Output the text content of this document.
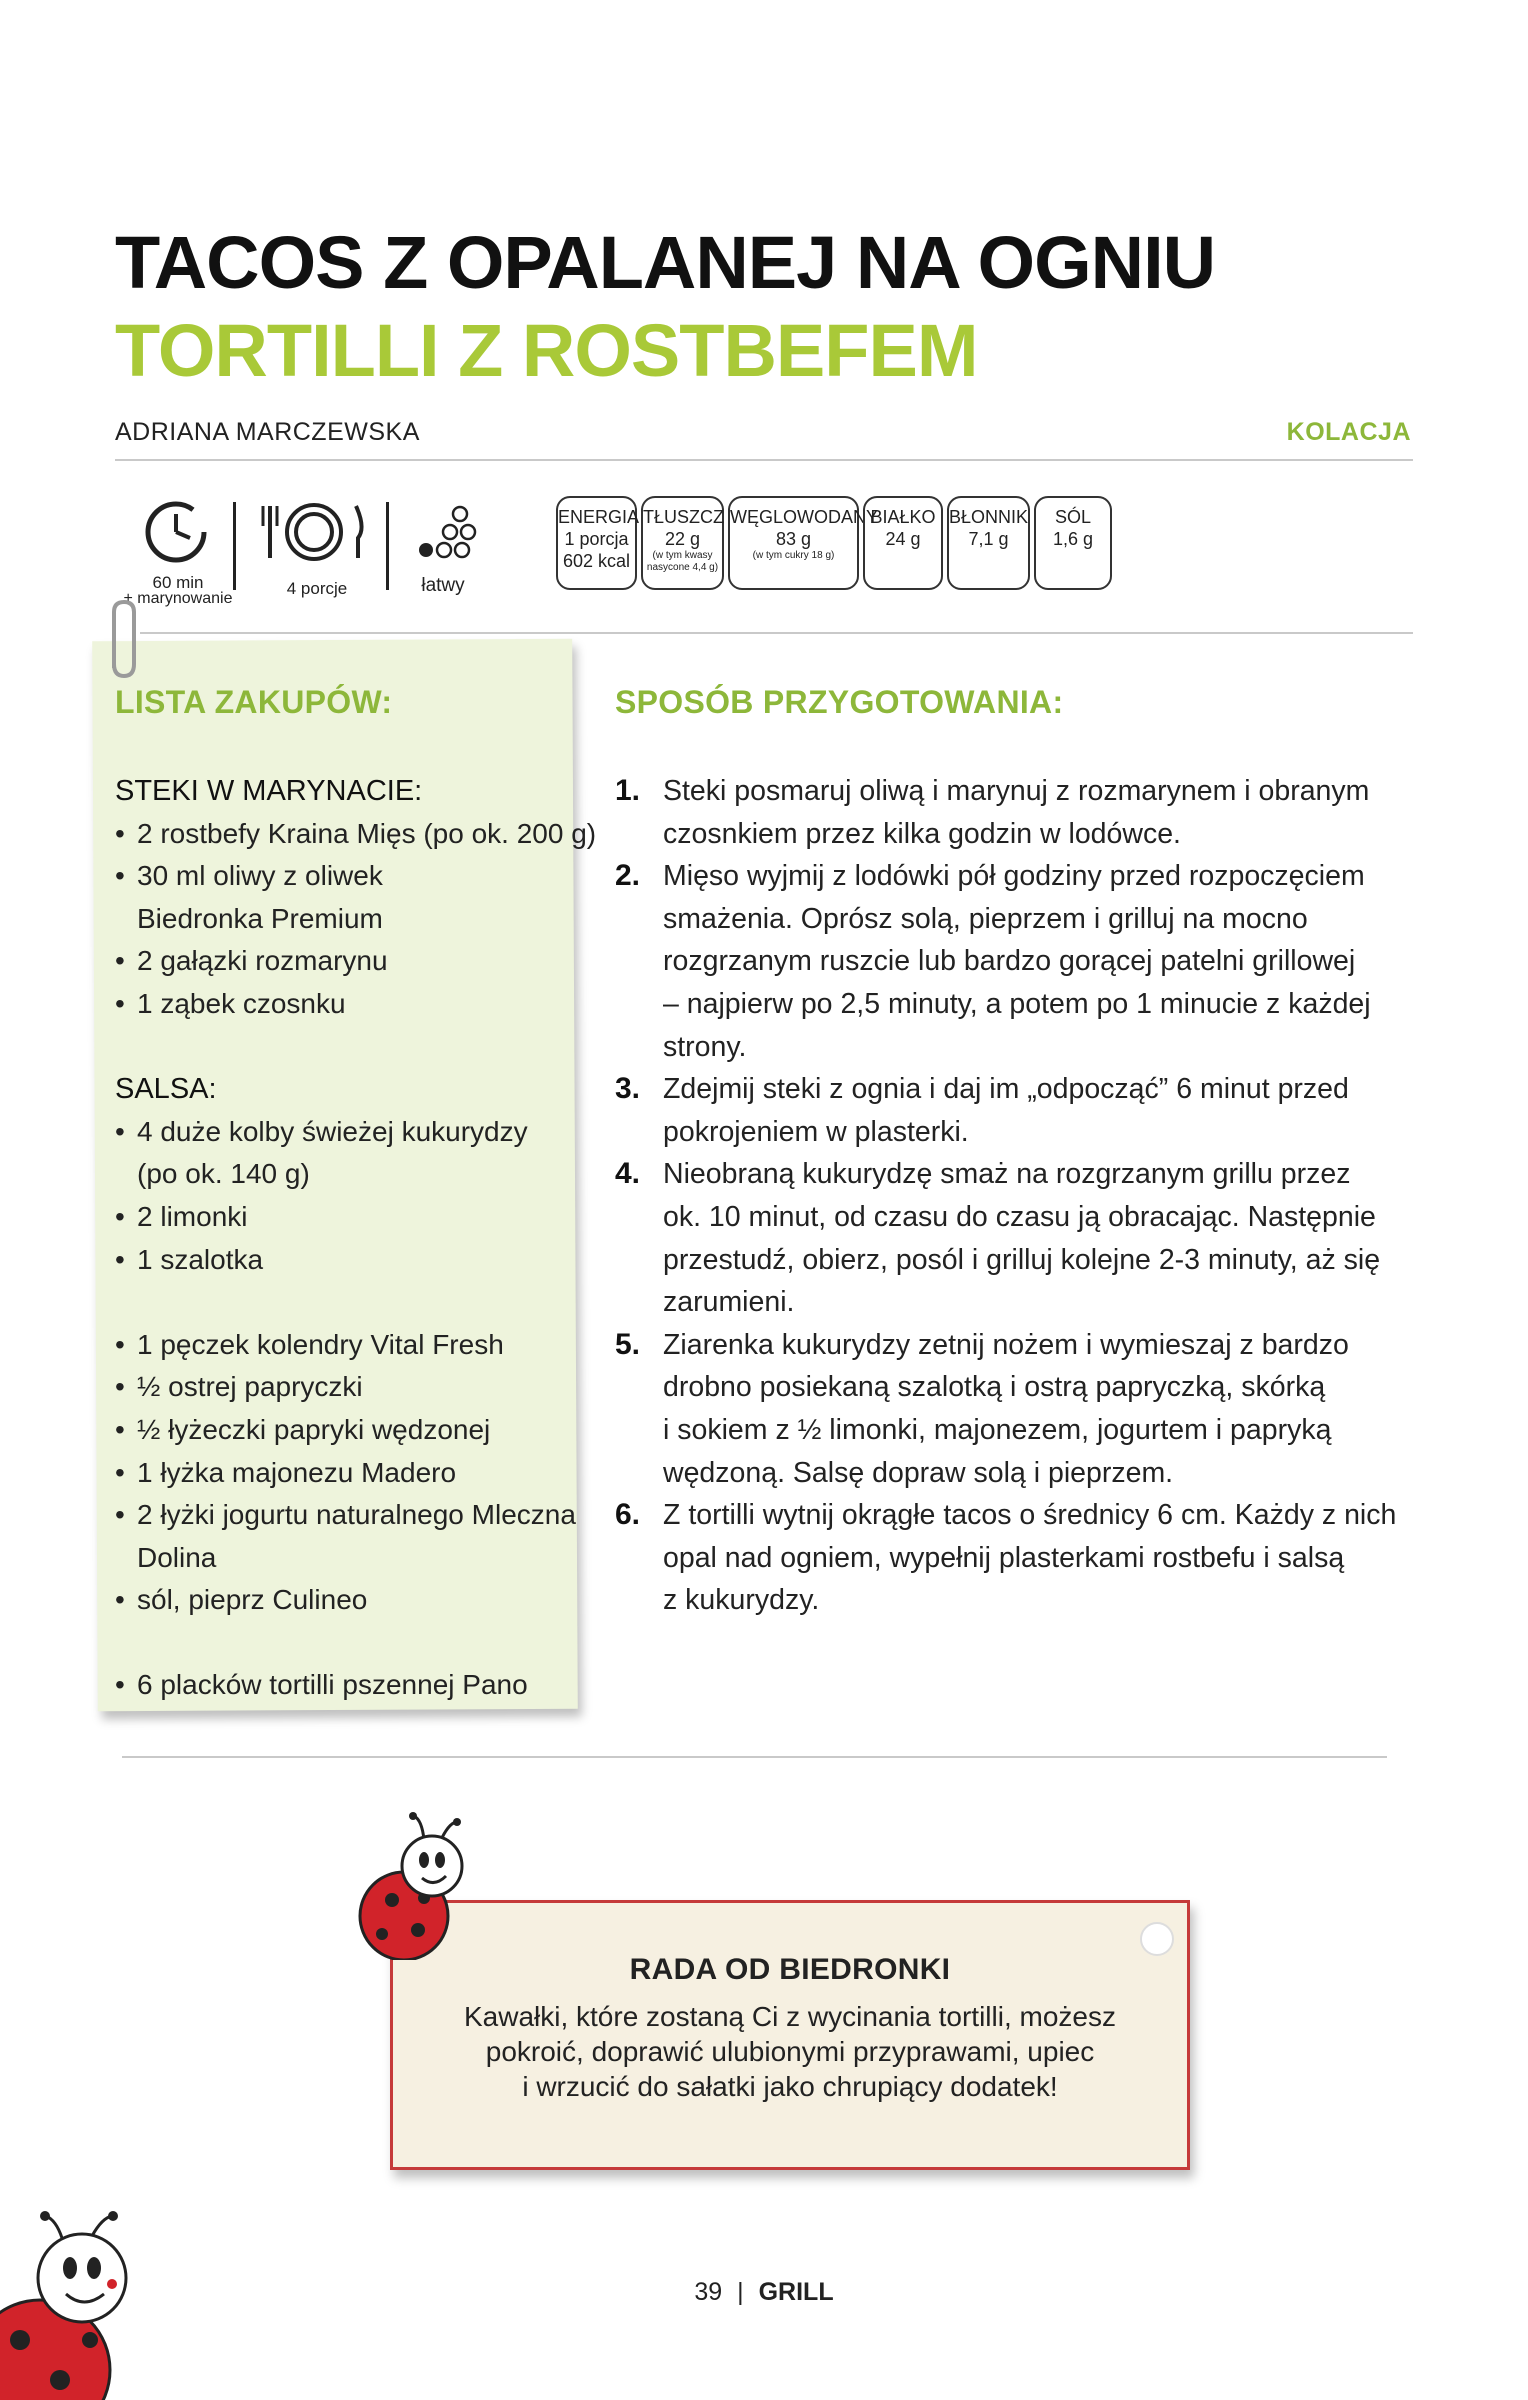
TACOS Z OPALANEJ NA OGNIU
TORTILLI Z ROSTBEFEM
ADRIANA MARCZEWSKA	KOLACJA
60 min
+ marynowanie
4 porcje	łatwy
ENERGIA
1 porcja
602 kcal
TŁUSZCZ
22 g
(w tym kwasy nasycone 4,4 g)
WĘGLOWODANY
83 g
(w tym cukry 18 g)
BIAŁKO
24 g
BŁONNIK
7,1 g
SÓL
1,6 g
LISTA ZAKUPÓW:
STEKI W MARYNACIE:
• 2 rostbefy Kraina Mięs (po ok. 200 g)
• 30 ml oliwy z oliwek
Biedronka Premium
• 2 gałązki rozmarynu
• 1 ząbek czosnku
SALSA:
• 4 duże kolby świeżej kukurydzy
(po ok. 140 g)
• 2 limonki
• 1 szalotka
• 1 pęczek kolendry Vital Fresh
• ½ ostrej papryczki
• ½ łyżeczki papryki wędzonej
• 1 łyżka majonezu Madero
• 2 łyżki jogurtu naturalnego Mleczna
Dolina
• sól, pieprz Culineo
• 6 placków tortilli pszennej Pano
SPOSÓB PRZYGOTOWANIA:
1. Steki posmaruj oliwą i marynuj z rozmarynem i obranym
czosnkiem przez kilka godzin w lodówce.
2. Mięso wyjmij z lodówki pół godziny przed rozpoczęciem
smażenia. Oprósz solą, pieprzem i grilluj na mocno
rozgrzanym ruszcie lub bardzo gorącej patelni grillowej
– najpierw po 2,5 minuty, a potem po 1 minucie z każdej
strony.
3. Zdejmij steki z ognia i daj im „odpocząć” 6 minut przed
pokrojeniem w plasterki.
4. Nieobraną kukurydzę smaż na rozgrzanym grillu przez
ok. 10 minut, od czasu do czasu ją obracając. Następnie
przestudź, obierz, posól i grilluj kolejne 2-3 minuty, aż się
zarumieni.
5. Ziarenka kukurydzy zetnij nożem i wymieszaj z bardzo
drobno posiekaną szalotką i ostrą papryczką, skórką
i sokiem z ½ limonki, majonezem, jogurtem i papryką
wędzoną. Salsę dopraw solą i pieprzem.
6. Z tortilli wytnij okrągłe tacos o średnicy 6 cm. Każdy z nich
opal nad ogniem, wypełnij plasterkami rostbefu i salsą
z kukurydzy.
RADA OD BIEDRONKI
Kawałki, które zostaną Ci z wycinania tortilli, możesz
pokroić, doprawić ulubionymi przyprawami, upiec
i wrzucić do sałatki jako chrupiący dodatek!
39 | GRILL
